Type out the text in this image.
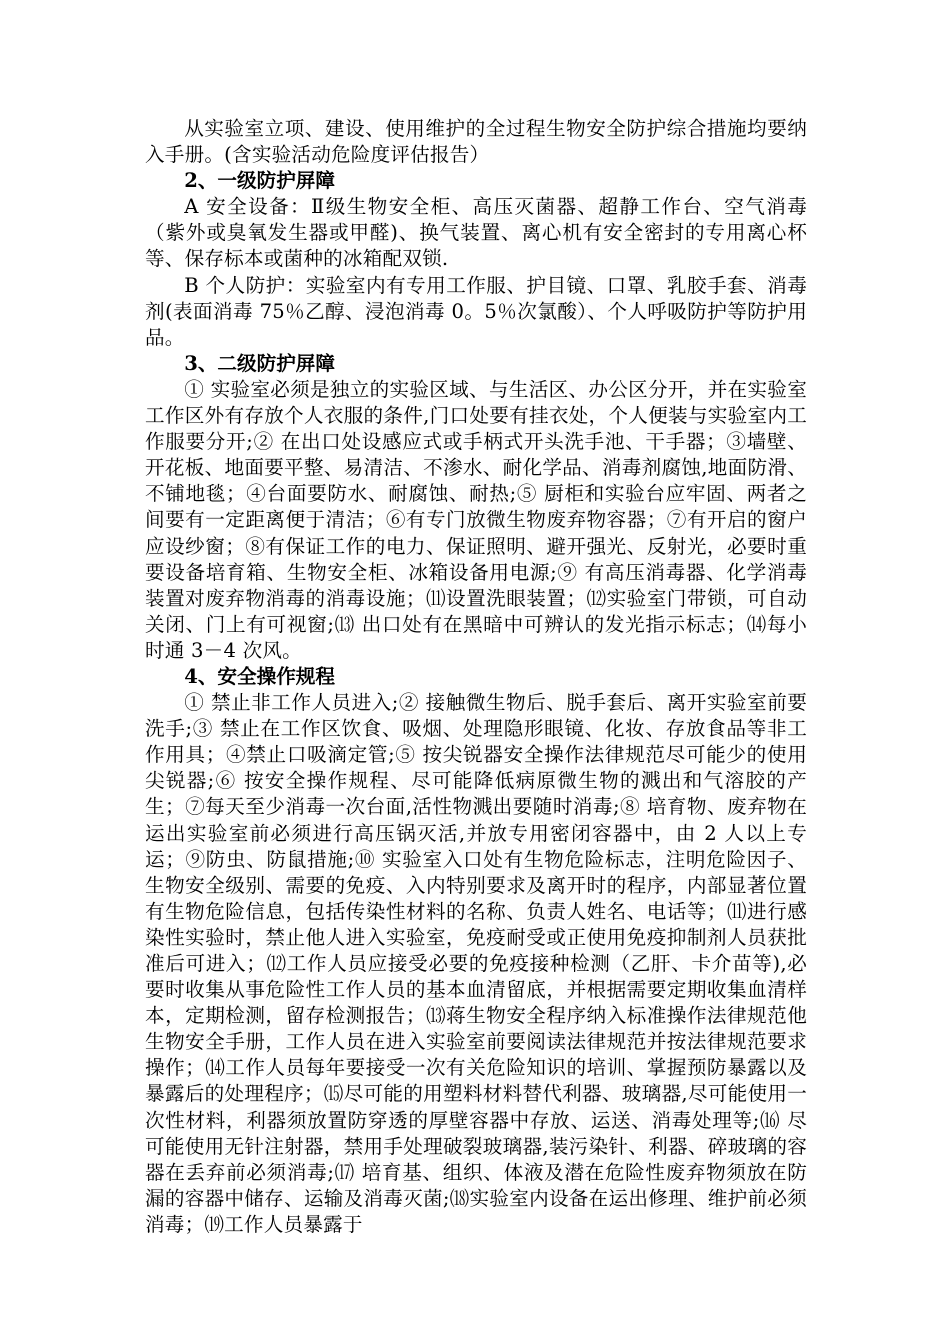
从实验室立项、建设、使用维护的全过程生物安全防护综合措施均要纳入手册。(含实验活动危险度评估报告）

2、一级防护屏障

A 安全设备：Ⅱ级生物安全柜、高压灭菌器、超静工作台、空气消毒（紫外或臭氧发生器或甲醛)、换气装置、离心机有安全密封的专用离心杯等、保存标本或菌种的冰箱配双锁.

B 个人防护：实验室内有专用工作服、护目镜、口罩、乳胶手套、消毒剂(表面消毒 75％乙醇、浸泡消毒 0。5％次氯酸）、个人呼吸防护等防护用品。

3、二级防护屏障

① 实验室必须是独立的实验区域、与生活区、办公区分开，并在实验室工作区外有存放个人衣服的条件,门口处要有挂衣处，个人便装与实验室内工作服要分开;② 在出口处设感应式或手柄式开头洗手池、干手器；③墙壁、开花板、地面要平整、易清洁、不渗水、耐化学品、消毒剂腐蚀,地面防滑、不铺地毯；④台面要防水、耐腐蚀、耐热;⑤ 厨柜和实验台应牢固、两者之间要有一定距离便于清洁；⑥有专门放微生物废弃物容器；⑦有开启的窗户应设纱窗；⑧有保证工作的电力、保证照明、避开强光、反射光，必要时重要设备培育箱、生物安全柜、冰箱设备用电源;⑨ 有高压消毒器、化学消毒装置对废弃物消毒的消毒设施；⑾设置洗眼装置；⑿实验室门带锁，可自动关闭、门上有可视窗;⒀ 出口处有在黑暗中可辨认的发光指示标志；⒁每小时通 3－4 次风。

4、安全操作规程

① 禁止非工作人员进入;② 接触微生物后、脱手套后、离开实验室前要洗手;③ 禁止在工作区饮食、吸烟、处理隐形眼镜、化妆、存放食品等非工作用具；④禁止口吸滴定管;⑤ 按尖锐器安全操作法律规范尽可能少的使用尖锐器;⑥ 按安全操作规程、尽可能降低病原微生物的溅出和气溶胶的产生；⑦每天至少消毒一次台面,活性物溅出要随时消毒;⑧ 培育物、废弃物在运出实验室前必须进行高压锅灭活,并放专用密闭容器中，由 2 人以上专运；⑨防虫、防鼠措施;⑩ 实验室入口处有生物危险标志，注明危险因子、生物安全级别、需要的免疫、入内特别要求及离开时的程序，内部显著位置有生物危险信息，包括传染性材料的名称、负责人姓名、电话等；⑾进行感染性实验时，禁止他人进入实验室，免疫耐受或正使用免疫抑制剂人员获批准后可进入；⑿工作人员应接受必要的免疫接种检测（乙肝、卡介苗等),必要时收集从事危险性工作人员的基本血清留底，并根据需要定期收集血清样本，定期检测，留存检测报告；⒀蒋生物安全程序纳入标准操作法律规范他生物安全手册，工作人员在进入实验室前要阅读法律规范并按法律规范要求操作；⒁工作人员每年要接受一次有关危险知识的培训、掌握预防暴露以及暴露后的处理程序；⒂尽可能的用塑料材料替代利器、玻璃器,尽可能使用一次性材料，利器须放置防穿透的厚壁容器中存放、运送、消毒处理等;⒃ 尽可能使用无针注射器，禁用手处理破裂玻璃器,装污染针、利器、碎玻璃的容器在丢弃前必须消毒;⒄ 培育基、组织、体液及潜在危险性废弃物须放在防漏的容器中储存、运输及消毒灭菌;⒅实验室内设备在运出修理、维护前必须消毒；⒆工作人员暴露于
